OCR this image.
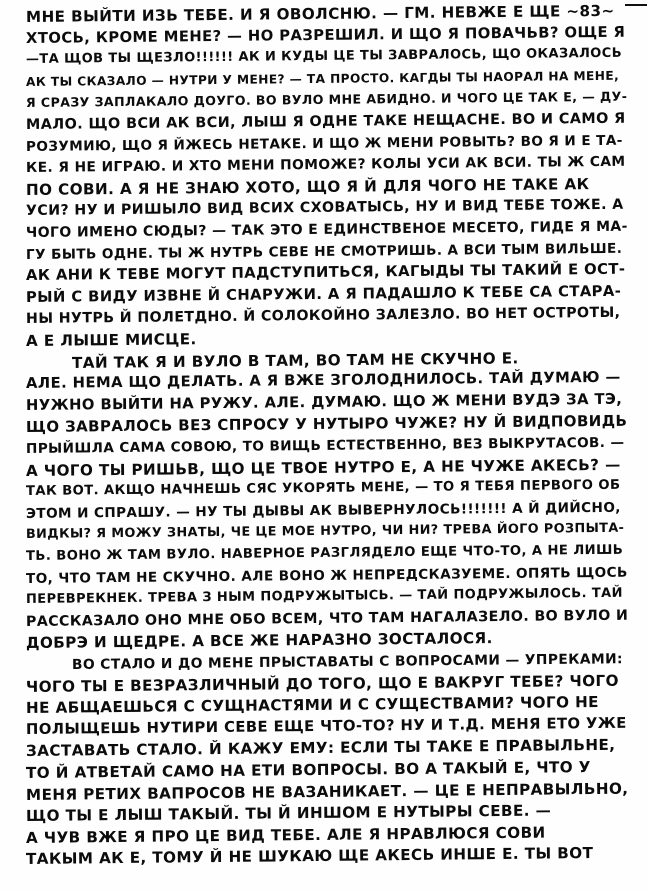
МНЕ ВЫЙТИ ИЗЬ ТЕБЕ. И Я ОВОЛСНЮ. — ГМ. НЕВЖЕ Е ЩЕ ~83~
ХТОСЬ, КРОМЕ МЕНЕ? — НО РАЗРЕШИЛ. И ЩО Я ПОВАЧЬВ? ОЩЕ Я
—ТА ЩОВ ТЫ ЩЕЗЛО!!!!!! АК И КУДЫ ЦЕ ТЫ ЗАВРАЛОСЬ, ЩО ОКАЗАЛОСЬ
АК ТЫ СКАЗАЛО — НУТРИ У МЕНЕ? — ТА ПРОСТО. КАГДЫ ТЫ НАОРАЛ НА МЕНЕ,
Я СРАЗУ ЗАПЛАКАЛО ДОУГО. ВО ВУЛО МНЕ АБИДНО. И ЧОГО ЦЕ ТАК Е, — ДУ-
МАЛО. ЩО ВСИ АК ВСИ, ЛЫШ Я ОДНЕ ТАКЕ НЕЩАСНЕ. ВО И САМО Я
РОЗУМИЮ, ЩО Я ЙЖЕСЬ НЕТАКЕ. И ЩО Ж МЕНИ РОВЫТЬ? ВО Я И Е ТА-
КЕ. Я НЕ ИГРАЮ. И ХТО МЕНИ ПОМОЖЕ? КОЛЫ УСИ АК ВСИ. ТЫ Ж САМ
ПО СОВИ. А Я НЕ ЗНАЮ ХОТО, ЩО Я Й ДЛЯ ЧОГО НЕ ТАКЕ АК
УСИ? НУ И РИШЫЛО ВИД ВСИХ СХОВАТЫСЬ, НУ И ВИД ТЕБЕ ТОЖЕ. А
ЧОГО ИМЕНО СЮДЫ? — ТАК ЭТО Е ЕДИНСТВЕНОЕ МЕСЕТО, ГИДЕ Я МА-
ГУ БЫТЬ ОДНЕ. ТЫ Ж НУТРЬ СЕВЕ НЕ СМОТРИШЬ. А ВСИ ТЫМ ВИЛЬШЕ.
АК АНИ К ТЕВЕ МОГУТ ПАДСТУПИТЬСЯ, КАГЫДЫ ТЫ ТАКИЙ Е ОСТ-
РЫЙ С ВИДУ ИЗВНЕ Й СНАРУЖИ. А Я ПАДАШЛО К ТЕБЕ СА СТАРА-
НЫ НУТРЬ Й ПОЛЕТДНО. Й СОЛОКОЙНО ЗАЛЕЗЛО. ВО НЕТ ОСТРОТЫ,
А Е ЛЫШЕ МИСЦЕ.
ТАЙ ТАК Я И ВУЛО В ТАМ, ВО ТАМ НЕ СКУЧНО Е.
АЛЕ. НЕМА ЩО ДЕЛАТЬ. А Я ВЖЕ ЗГОЛОДНИЛОСЬ. ТАЙ ДУМАЮ —
НУЖНО ВЫЙТИ НА РУЖУ. АЛЕ. ДУМАЮ. ЩО Ж МЕНИ ВУДЭ ЗА ТЭ,
ЩО ЗАВРАЛОСЬ ВЕЗ СПРОСУ У НУТЫРО ЧУЖЕ? НУ Й ВИДПОВИДЬ
ПРЫЙШЛА САМА СОВОЮ, ТО ВИЩЬ ЕСТЕСТВЕННО, ВЕЗ ВЫКРУТАСОВ. —
А ЧОГО ТЫ РИШЬВ, ЩО ЦЕ ТВОЕ НУТРО Е, А НЕ ЧУЖЕ АКЕСЬ? —
ТАК ВОТ. АКЩО НАЧНЕШЬ СЯС УКОРЯТЬ МЕНЕ, — ТО Я ТЕБЯ ПЕРВОГО ОБ
ЭТОМ И СПРАШУ. — НУ ТЫ ДЫВЫ АК ВЫВЕРНУЛОСЬ!!!!!!! А Й ДИЙСНО,
ВИДКЫ? Я МОЖУ ЗНАТЫ, ЧЕ ЦЕ МОЕ НУТРО, ЧИ НИ? ТРЕВА ЙОГО РОЗПЫТА-
ТЬ. ВОНО Ж ТАМ ВУЛО. НАВЕРНОЕ РАЗГЛЯДЕЛО ЕЩЕ ЧТО-ТО, А НЕ ЛИШЬ
ТО, ЧТО ТАМ НЕ СКУЧНО. АЛЕ ВОНО Ж НЕПРЕДСКАЗУЕМЕ. ОПЯТЬ ЩОСЬ
ПЕРЕВРЕКНЕК. ТРЕВА З НЫМ ПОДРУЖЫТЫСЬ. — ТАЙ ПОДРУЖЫЛОСЬ. ТАЙ
РАССКАЗАЛО ОНО МНЕ ОБО ВСЕМ, ЧТО ТАМ НАГАЛАЗЕЛО. ВО ВУЛО И
ДОБРЭ И ЩЕДРЕ. А ВСЕ ЖЕ НАРАЗНО ЗОСТАЛОСЯ.
ВО СТАЛО И ДО МЕНЕ ПРЫСТАВАТЫ С ВОПРОСАМИ — УПРЕКАМИ:
ЧОГО ТЫ Е ВЕЗРАЗЛИЧНЫЙ ДО ТОГО, ЩО Е ВАКРУГ ТЕБЕ? ЧОГО
НЕ АБЩАЕШЬСЯ С СУЩНАСТЯМИ И С СУЩЕСТВАМИ? ЧОГО НЕ
ПОЛЫЩЕШЬ НУТИРИ СЕВЕ ЕЩЕ ЧТО-ТО? НУ И Т.Д. МЕНЯ ЕТО УЖЕ
ЗАСТАВАТЬ СТАЛО. Й КАЖУ ЕМУ: ЕСЛИ ТЫ ТАКЕ Е ПРАВЫЛЬНЕ,
ТО Й АТВЕТАЙ САМО НА ЕТИ ВОПРОСЫ. ВО А ТАКЫЙ Е, ЧТО У
МЕНЯ РЕТИХ ВАПРОСОВ НЕ ВАЗАНИКАЕТ. — ЦЕ Е НЕПРАВЫЛЬНО,
ЩО ТЫ Е ЛЫШ ТАКЫЙ. ТЫ Й ИНШОМ Е НУТЫРЫ СЕВЕ. —
А ЧУВ ВЖЕ Я ПРО ЦЕ ВИД ТЕБЕ. АЛЕ Я НРАВЛЮСЯ СОВИ
ТАКЫМ АК Е, ТОМУ Й НЕ ШУКАЮ ЩЕ АКЕСЬ ИНШЕ Е. ТЫ ВОТ
